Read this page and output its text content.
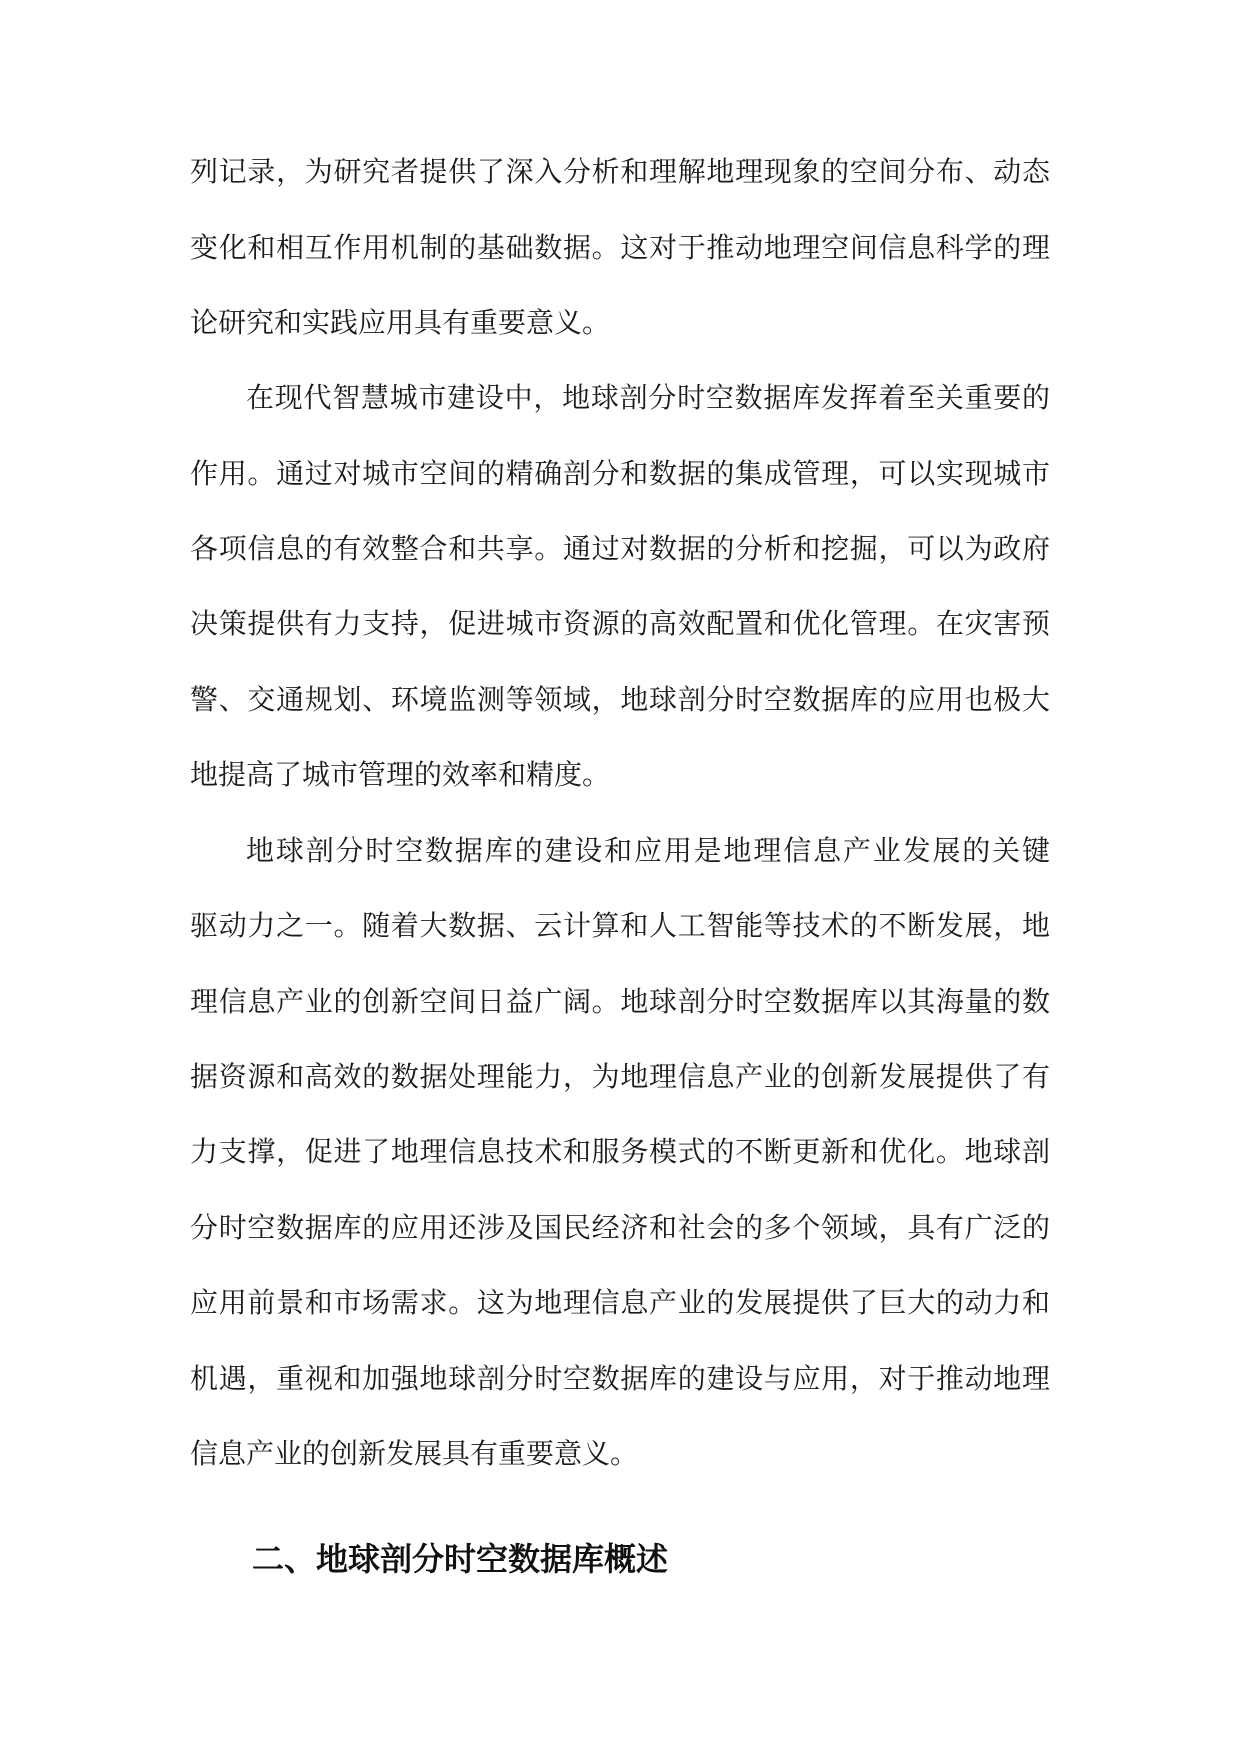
列记录，为研究者提供了深入分析和理解地理现象的空间分布、动态
变化和相互作用机制的基础数据。这对于推动地理空间信息科学的理
论研究和实践应用具有重要意义。
在现代智慧城市建设中，地球剖分时空数据库发挥着至关重要的
作用。通过对城市空间的精确剖分和数据的集成管理，可以实现城市
各项信息的有效整合和共享。通过对数据的分析和挖掘，可以为政府
决策提供有力支持，促进城市资源的高效配置和优化管理。在灾害预
警、交通规划、环境监测等领域，地球剖分时空数据库的应用也极大
地提高了城市管理的效率和精度。
地球剖分时空数据库的建设和应用是地理信息产业发展的关键
驱动力之一。随着大数据、云计算和人工智能等技术的不断发展，地
理信息产业的创新空间日益广阔。地球剖分时空数据库以其海量的数
据资源和高效的数据处理能力，为地理信息产业的创新发展提供了有
力支撑，促进了地理信息技术和服务模式的不断更新和优化。地球剖
分时空数据库的应用还涉及国民经济和社会的多个领域，具有广泛的
应用前景和市场需求。这为地理信息产业的发展提供了巨大的动力和
机遇，重视和加强地球剖分时空数据库的建设与应用，对于推动地理
信息产业的创新发展具有重要意义。
二、地球剖分时空数据库概述
